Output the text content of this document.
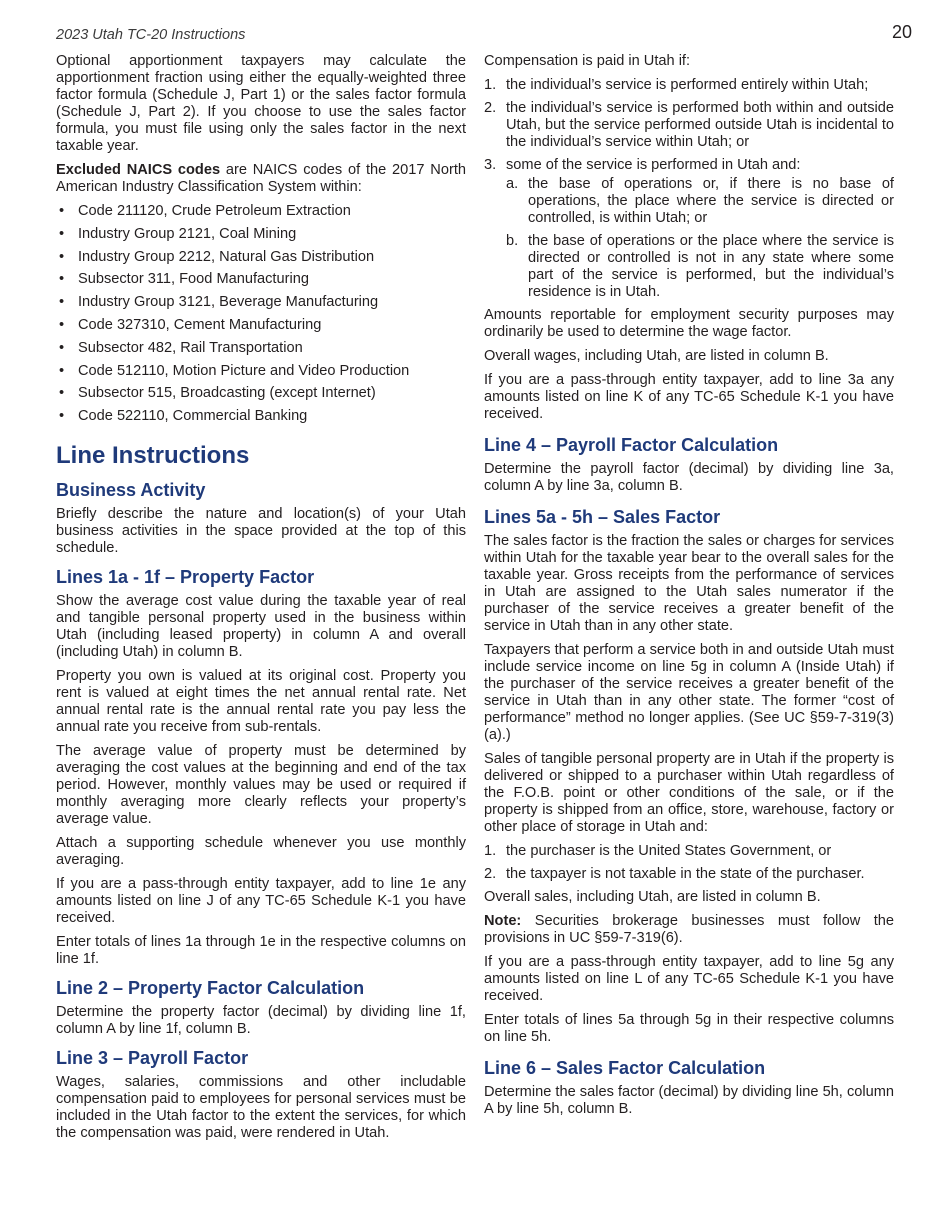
2023 Utah TC-20 Instructions	20

Optional apportionment taxpayers may calculate the apportionment fraction using either the equally-weighted three factor formula (Schedule J, Part 1) or the sales factor formula (Schedule J, Part 2). If you choose to use the sales factor formula, you must file using only the sales factor in the next taxable year.

Excluded NAICS codes are NAICS codes of the 2017 North American Industry Classification System within:

• Code 211120, Crude Petroleum Extraction
• Industry Group 2121, Coal Mining
• Industry Group 2212, Natural Gas Distribution
• Subsector 311, Food Manufacturing
• Industry Group 3121, Beverage Manufacturing
• Code 327310, Cement Manufacturing
• Subsector 482, Rail Transportation
• Code 512110, Motion Picture and Video Production
• Subsector 515, Broadcasting (except Internet)
• Code 522110, Commercial Banking
Line Instructions
Business Activity

Briefly describe the nature and location(s) of your Utah business activities in the space provided at the top of this schedule.

Lines 1a - 1f – Property Factor

Show the average cost value during the taxable year of real and tangible personal property used in the business within Utah (including leased property) in column A and overall (including Utah) in column B.

Property you own is valued at its original cost. Property you rent is valued at eight times the net annual rental rate. Net annual rental rate is the annual rental rate you pay less the annual rate you receive from sub-rentals.

The average value of property must be determined by averaging the cost values at the beginning and end of the tax period. However, monthly values may be used or required if monthly averaging more clearly reflects your property’s average value.

Attach a supporting schedule whenever you use monthly averaging.

If you are a pass-through entity taxpayer, add to line 1e any amounts listed on line J of any TC-65 Schedule K-1 you have received.

Enter totals of lines 1a through 1e in the respective columns on line 1f.

Line 2 – Property Factor Calculation

Determine the property factor (decimal) by dividing line 1f, column A by line 1f, column B.

Line 3 – Payroll Factor

Wages, salaries, commissions and other includable compensation paid to employees for personal services must be included in the Utah factor to the extent the services, for which the compensation was paid, were rendered in Utah.

Compensation is paid in Utah if:

1. the individual’s service is performed entirely within Utah;
2. the individual’s service is performed both within and outside Utah, but the service performed outside Utah is incidental to the individual’s service within Utah; or
3. some of the service is performed in Utah and:
a. the base of operations or, if there is no base of operations, the place where the service is directed or controlled, is within Utah; or
b. the base of operations or the place where the service is directed or controlled is not in any state where some part of the service is performed, but the individual’s residence is in Utah.

Amounts reportable for employment security purposes may ordinarily be used to determine the wage factor.

Overall wages, including Utah, are listed in column B.

If you are a pass-through entity taxpayer, add to line 3a any amounts listed on line K of any TC-65 Schedule K-1 you have received.

Line 4 – Payroll Factor Calculation

Determine the payroll factor (decimal) by dividing line 3a, column A by line 3a, column B.

Lines 5a - 5h – Sales Factor

The sales factor is the fraction the sales or charges for services within Utah for the taxable year bear to the overall sales for the taxable year. Gross receipts from the performance of services in Utah are assigned to the Utah sales numerator if the purchaser of the service receives a greater benefit of the service in Utah than in any other state.

Taxpayers that perform a service both in and outside Utah must include service income on line 5g in column A (Inside Utah) if the purchaser of the service receives a greater benefit of the service in Utah than in any other state. The former “cost of performance” method no longer applies. (See UC §59-7-319(3)(a).)

Sales of tangible personal property are in Utah if the property is delivered or shipped to a purchaser within Utah regardless of the F.O.B. point or other conditions of the sale, or if the property is shipped from an office, store, warehouse, factory or other place of storage in Utah and:

1. the purchaser is the United States Government, or
2. the taxpayer is not taxable in the state of the purchaser.

Overall sales, including Utah, are listed in column B.

Note: Securities brokerage businesses must follow the provisions in UC §59-7-319(6).

If you are a pass-through entity taxpayer, add to line 5g any amounts listed on line L of any TC-65 Schedule K-1 you have received.

Enter totals of lines 5a through 5g in their respective columns on line 5h.

Line 6 – Sales Factor Calculation

Determine the sales factor (decimal) by dividing line 5h, column A by line 5h, column B.
